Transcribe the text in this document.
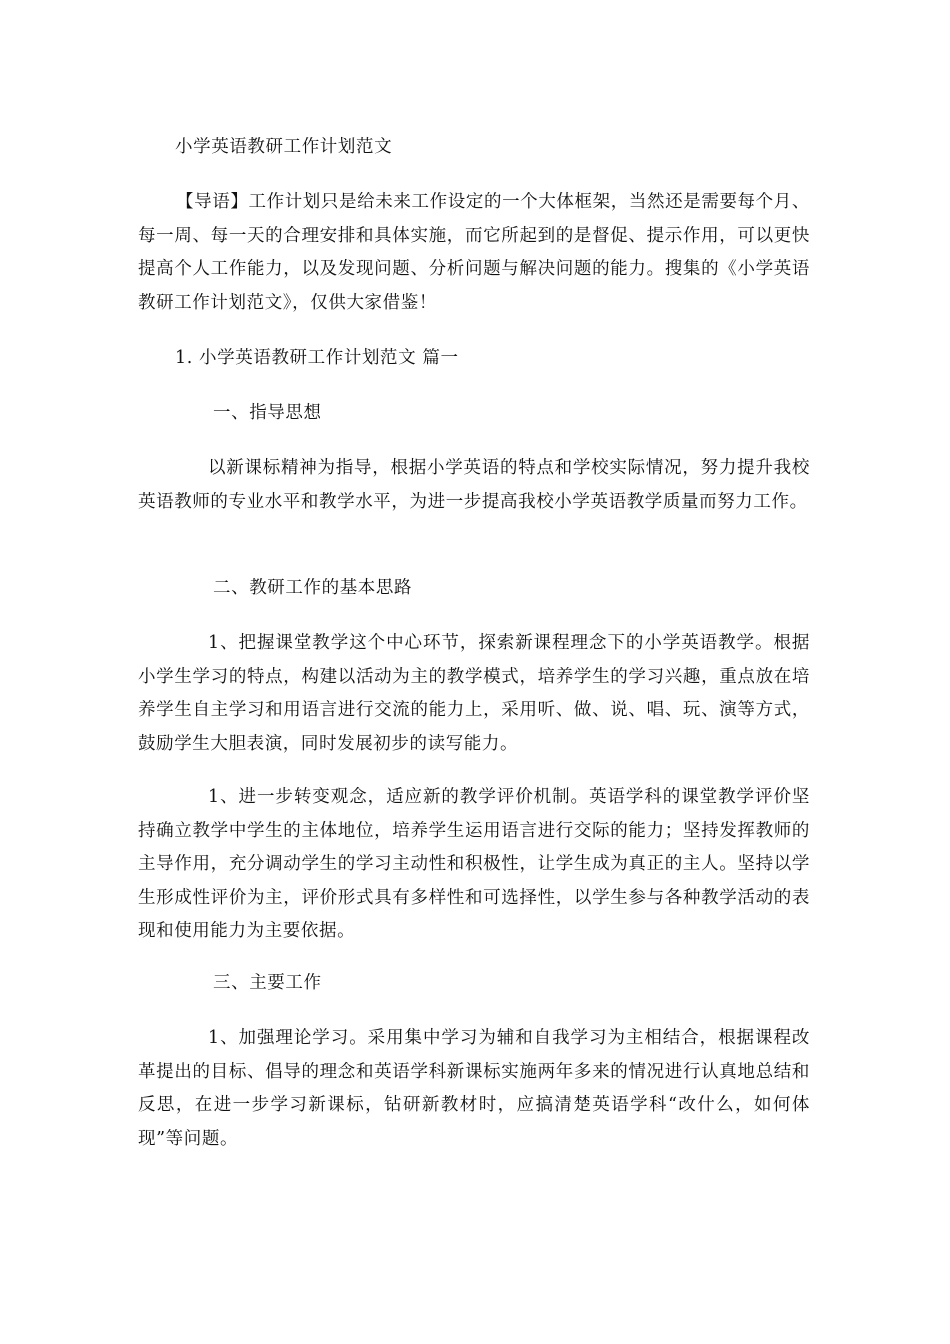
小学英语教研工作计划范文

【导语】工作计划只是给未来工作设定的一个大体框架，当然还是需要每个月、每一周、每一天的合理安排和具体实施，而它所起到的是督促、提示作用，可以更快提高个人工作能力，以及发现问题、分析问题与解决问题的能力。搜集的《小学英语教研工作计划范文》，仅供大家借鉴！

1. 小学英语教研工作计划范文 篇一

一、指导思想

以新课标精神为指导，根据小学英语的特点和学校实际情况，努力提升我校英语教师的专业水平和教学水平，为进一步提高我校小学英语教学质量而努力工作。

二、教研工作的基本思路

1、把握课堂教学这个中心环节，探索新课程理念下的小学英语教学。根据小学生学习的特点，构建以活动为主的教学模式，培养学生的学习兴趣，重点放在培养学生自主学习和用语言进行交流的能力上，采用听、做、说、唱、玩、演等方式，鼓励学生大胆表演，同时发展初步的读写能力。

1、进一步转变观念，适应新的教学评价机制。英语学科的课堂教学评价坚持确立教学中学生的主体地位，培养学生运用语言进行交际的能力；坚持发挥教师的主导作用，充分调动学生的学习主动性和积极性，让学生成为真正的主人。坚持以学生形成性评价为主，评价形式具有多样性和可选择性，以学生参与各种教学活动的表现和使用能力为主要依据。

三、主要工作

1、加强理论学习。采用集中学习为辅和自我学习为主相结合，根据课程改革提出的目标、倡导的理念和英语学科新课标实施两年多来的情况进行认真地总结和反思，在进一步学习新课标，钻研新教材时，应搞清楚英语学科“改什么，如何体现”等问题。
